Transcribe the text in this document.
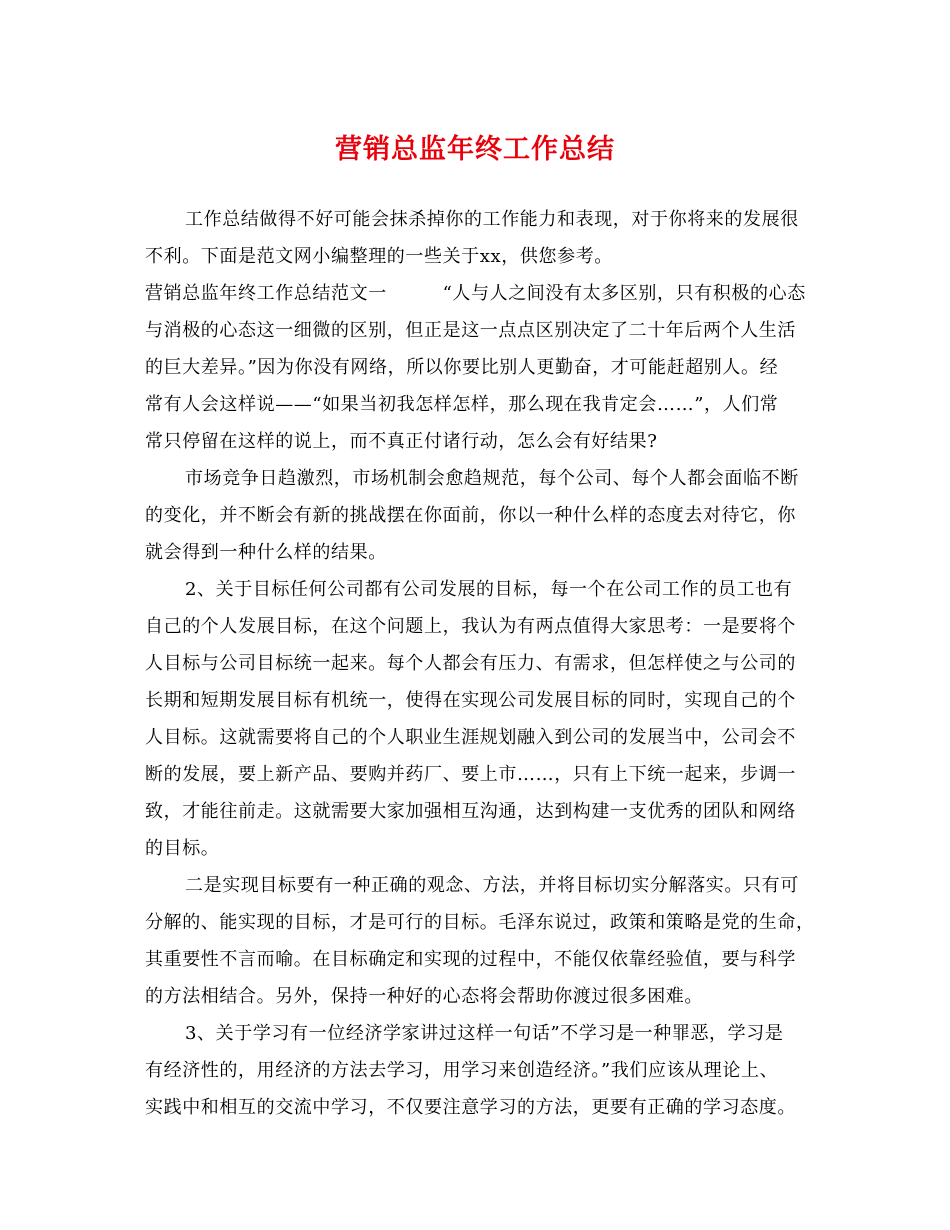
营销总监年终工作总结
工作总结做得不好可能会抹杀掉你的工作能力和表现，对于你将来的发展很
不利。下面是范文网小编整理的一些关于xx，供您参考。
营销总监年终工作总结范文一　　　“人与人之间没有太多区别，只有积极的心态
与消极的心态这一细微的区别，但正是这一点点区别决定了二十年后两个人生活
的巨大差异。”因为你没有网络，所以你要比别人更勤奋，才可能赶超别人。经
常有人会这样说——“如果当初我怎样怎样，那么现在我肯定会……”，人们常
常只停留在这样的说上，而不真正付诸行动，怎么会有好结果?
市场竞争日趋激烈，市场机制会愈趋规范，每个公司、每个人都会面临不断
的变化，并不断会有新的挑战摆在你面前，你以一种什么样的态度去对待它，你
就会得到一种什么样的结果。
2、关于目标任何公司都有公司发展的目标，每一个在公司工作的员工也有
自己的个人发展目标，在这个问题上，我认为有两点值得大家思考：一是要将个
人目标与公司目标统一起来。每个人都会有压力、有需求，但怎样使之与公司的
长期和短期发展目标有机统一，使得在实现公司发展目标的同时，实现自己的个
人目标。这就需要将自己的个人职业生涯规划融入到公司的发展当中，公司会不
断的发展，要上新产品、要购并药厂、要上市……，只有上下统一起来，步调一
致，才能往前走。这就需要大家加强相互沟通，达到构建一支优秀的团队和网络
的目标。
二是实现目标要有一种正确的观念、方法，并将目标切实分解落实。只有可
分解的、能实现的目标，才是可行的目标。毛泽东说过，政策和策略是党的生命，
其重要性不言而喻。在目标确定和实现的过程中，不能仅依靠经验值，要与科学
的方法相结合。另外，保持一种好的心态将会帮助你渡过很多困难。
3、关于学习有一位经济学家讲过这样一句话”不学习是一种罪恶，学习是
有经济性的，用经济的方法去学习，用学习来创造经济。”我们应该从理论上、
实践中和相互的交流中学习，不仅要注意学习的方法，更要有正确的学习态度。
